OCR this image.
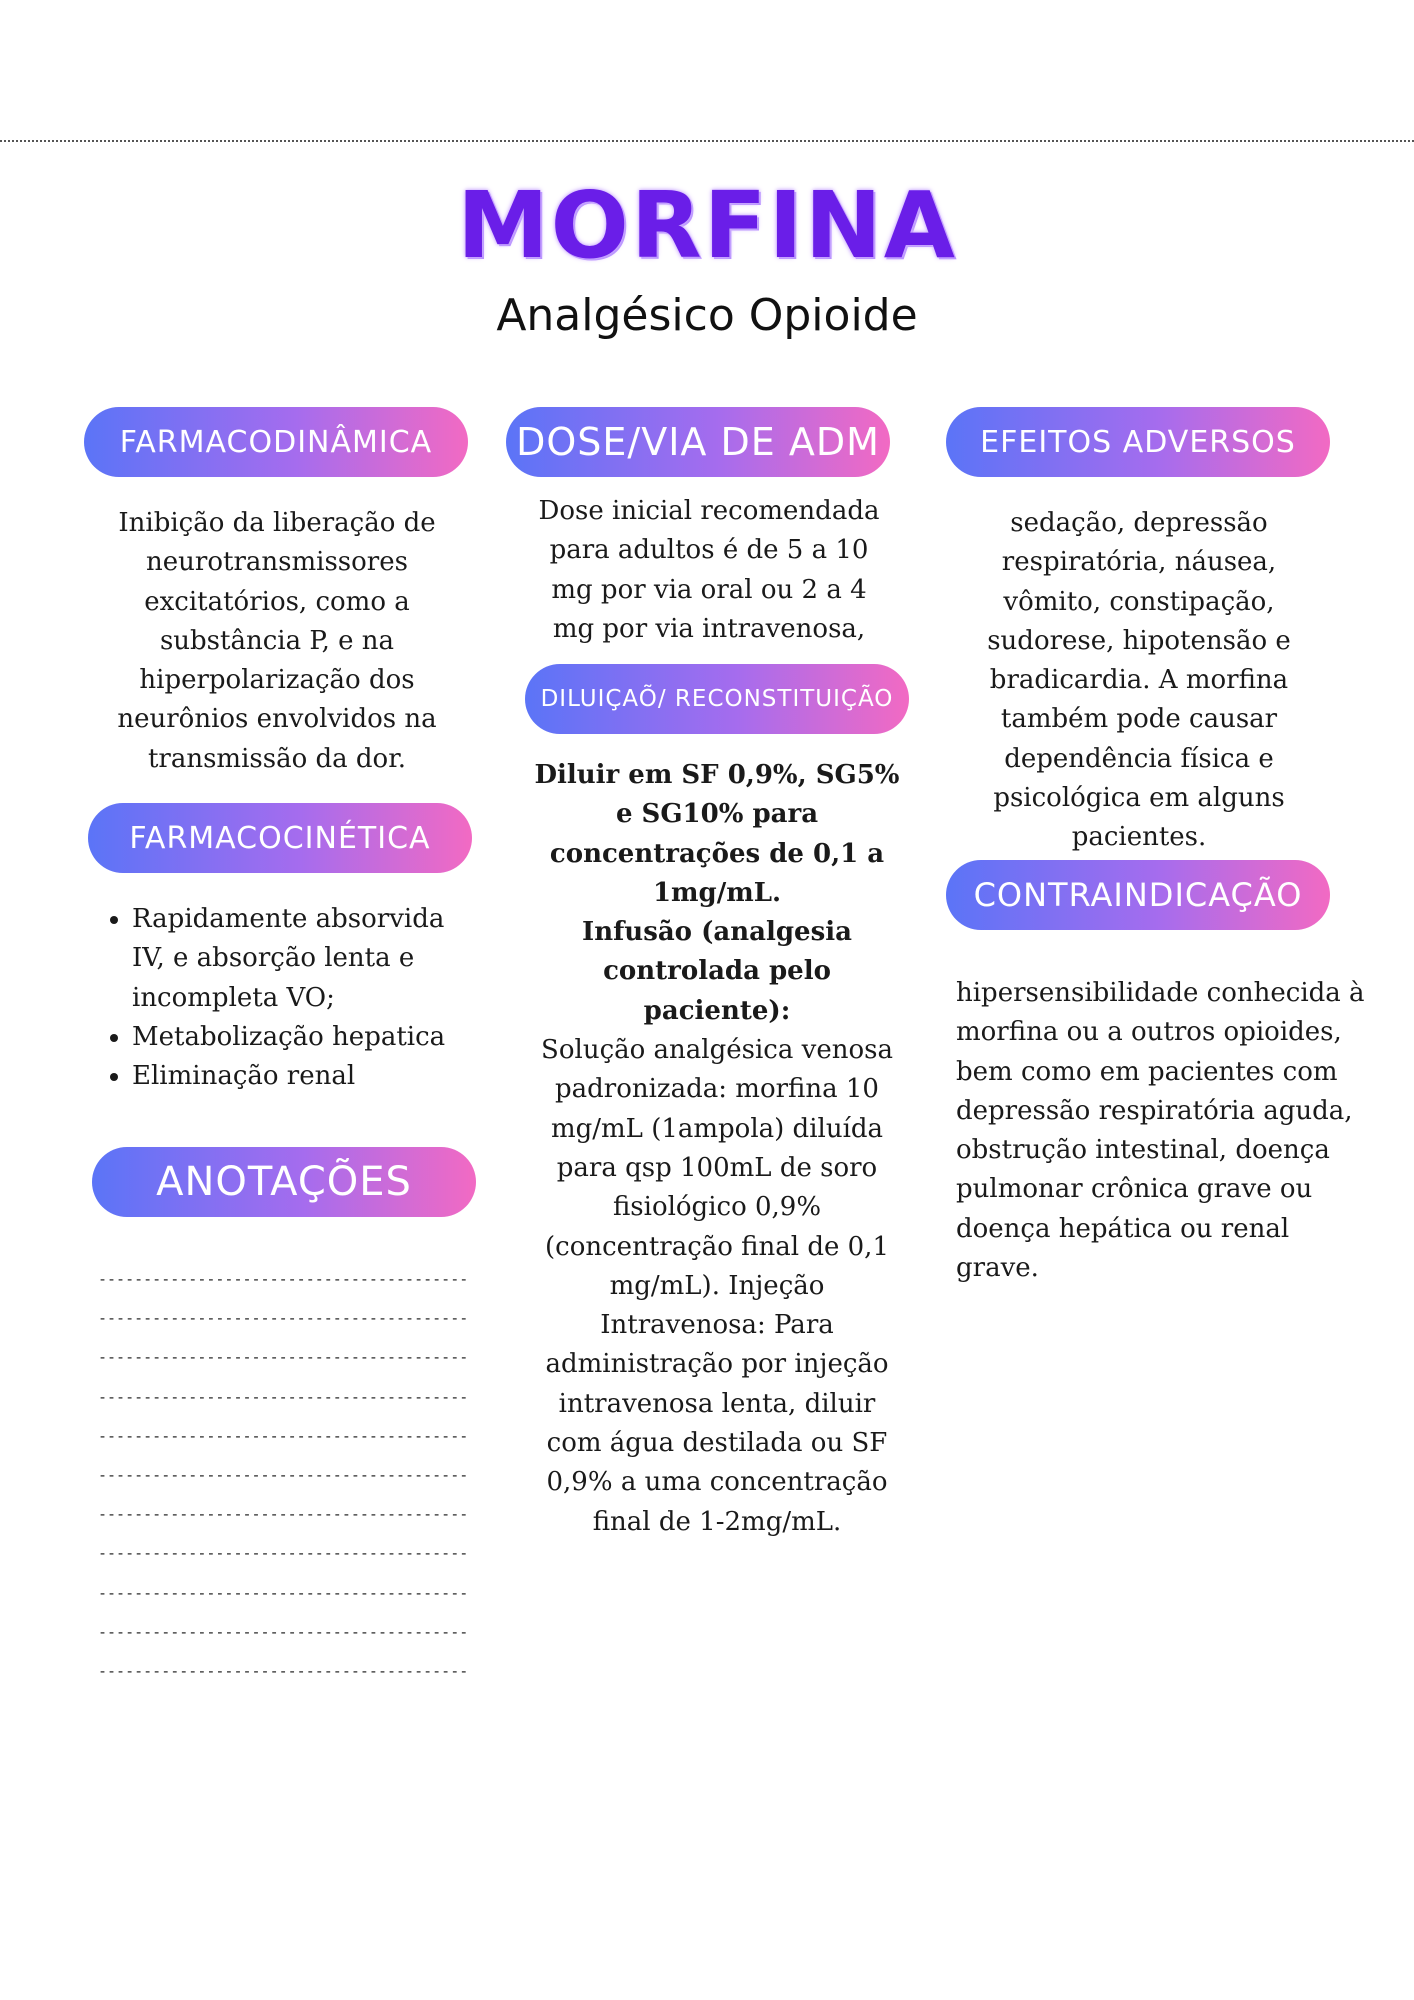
MORFINA
Analgésico Opioide
FARMACODINÂMICA
Inibição da liberação de neurotransmissores excitatórios, como a substância P, e na hiperpolarização dos neurônios envolvidos na transmissão da dor.
FARMACOCINÉTICA
• Rapidamente absorvida IV, e absorção lenta e incompleta VO;
• Metabolização hepatica
• Eliminação renal
ANOTAÇÕES
-----------------------------------------
-----------------------------------------
-----------------------------------------
-----------------------------------------
-----------------------------------------
-----------------------------------------
-----------------------------------------
-----------------------------------------
-----------------------------------------
-----------------------------------------
-----------------------------------------
DOSE/VIA DE ADM
Dose inicial recomendada para adultos é de 5 a 10 mg por via oral ou 2 a 4 mg por via intravenosa,
DILUIÇAÕ/ RECONSTITUIÇÃO
Diluir em SF 0,9%, SG5% e SG10% para concentrações de 0,1 a 1mg/mL.
Infusão (analgesia controlada pelo paciente):
Solução analgésica venosa padronizada: morfina 10 mg/mL (1ampola) diluída para qsp 100mL de soro fisiológico 0,9% (concentração final de 0,1 mg/mL). Injeção Intravenosa: Para administração por injeção intravenosa lenta, diluir com água destilada ou SF 0,9% a uma concentração final de 1-2mg/mL.
EFEITOS ADVERSOS
sedação, depressão respiratória, náusea, vômito, constipação, sudorese, hipotensão e bradicardia. A morfina também pode causar dependência física e psicológica em alguns pacientes.
CONTRAINDICAÇÃO
hipersensibilidade conhecida à morfina ou a outros opioides, bem como em pacientes com depressão respiratória aguda, obstrução intestinal, doença pulmonar crônica grave ou doença hepática ou renal grave.
